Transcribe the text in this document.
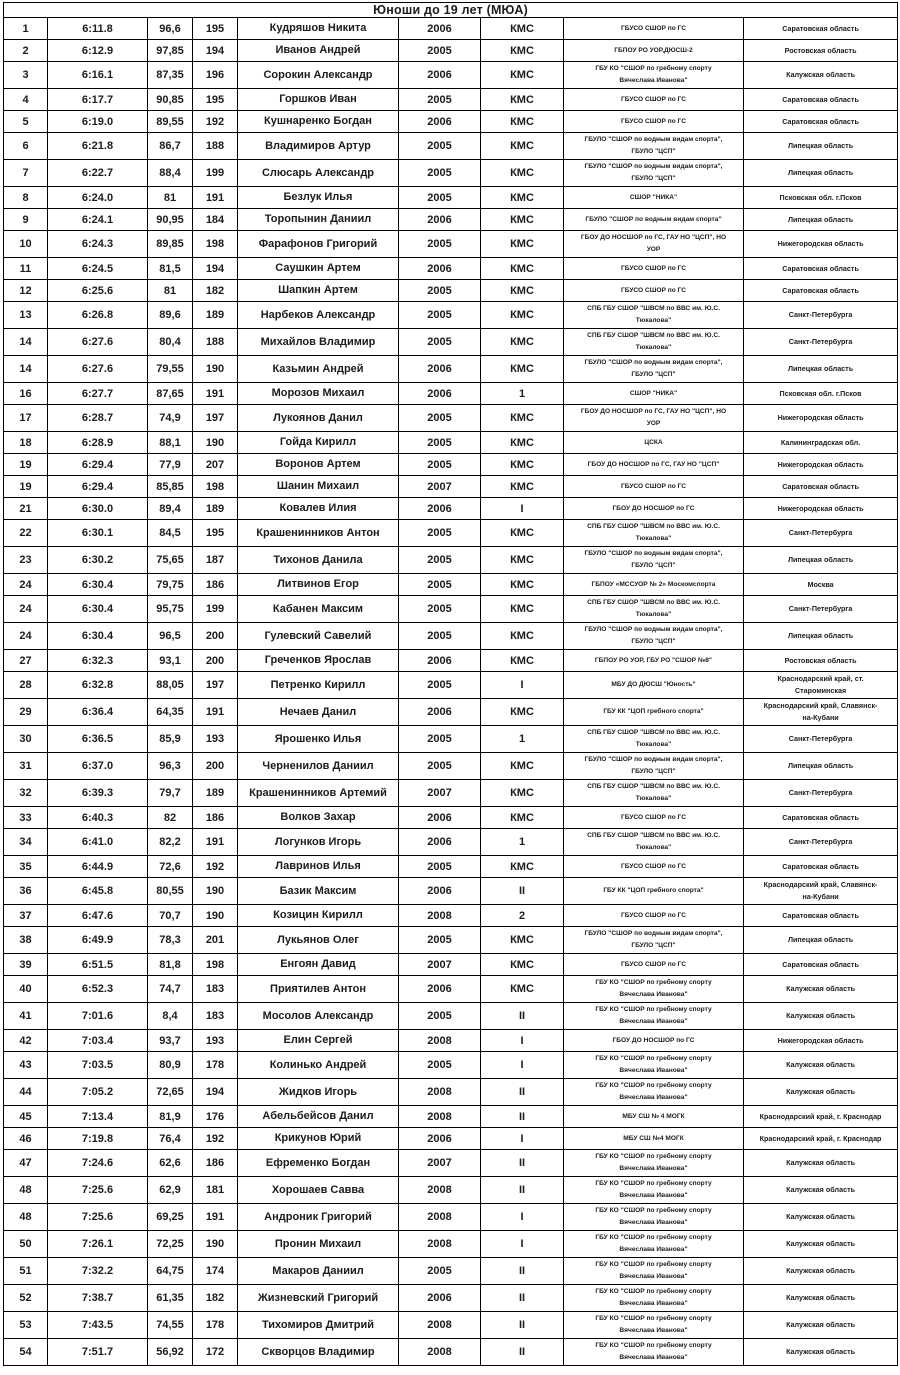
Юноши до 19 лет (МЮА)								
1	6:11.8	96,6	195	Кудряшов Никита	2006	КМС	ГБУСО СШОР по ГС	Саратовская область
2	6:12.9	97,85	194	Иванов Андрей	2005	КМС	ГБПОУ РО УОР,ДЮСШ-2	Ростовская область
3	6:16.1	87,35	196	Сорокин Александр	2006	КМС	ГБУ КО "СШОР по гребному спорту Вячеслава Иванова"	Калужская область
4	6:17.7	90,85	195	Горшков Иван	2005	КМС	ГБУСО СШОР по ГС	Саратовская область
5	6:19.0	89,55	192	Кушнаренко Богдан	2006	КМС	ГБУСО СШОР по ГС	Саратовская область
6	6:21.8	86,7	188	Владимиров Артур	2005	КМС	ГБУЛО "СШОР по водным видам спорта", ГБУЛО "ЦСП"	Липецкая область
7	6:22.7	88,4	199	Слюсарь Александр	2005	КМС	ГБУЛО "СШОР по водным видам спорта", ГБУЛО "ЦСП"	Липецкая область
8	6:24.0	81	191	Безлук Илья	2005	КМС	СШОР "НИКА"	Псковская обл. г.Псков
9	6:24.1	90,95	184	Торопынин Даниил	2006	КМС	ГБУЛО "СШОР по водным видам спорта"	Липецкая область
10	6:24.3	89,85	198	Фарафонов Григорий	2005	КМС	ГБОУ ДО НОСШОР по ГС, ГАУ НО "ЦСП", НО УОР	Нижегородская область
11	6:24.5	81,5	194	Саушкин Артем	2006	КМС	ГБУСО СШОР по ГС	Саратовская область
12	6:25.6	81	182	Шапкин Артем	2005	КМС	ГБУСО СШОР по ГС	Саратовская область
13	6:26.8	89,6	189	Нарбеков Александр	2005	КМС	СПБ ГБУ СШОР "ШВСМ по ВВС им. Ю.С. Тюкалова"	Санкт-Петербурга
14	6:27.6	80,4	188	Михайлов Владимир	2005	КМС	СПБ ГБУ СШОР "ШВСМ по ВВС им. Ю.С. Тюкалова"	Санкт-Петербурга
14	6:27.6	79,55	190	Казьмин Андрей	2006	КМС	ГБУЛО "СШОР по водным видам спорта", ГБУЛО "ЦСП"	Липецкая область
16	6:27.7	87,65	191	Морозов Михаил	2006	1	СШОР "НИКА"	Псковская обл. г.Псков
17	6:28.7	74,9	197	Лукоянов Данил	2005	КМС	ГБОУ ДО НОСШОР по ГС, ГАУ НО "ЦСП", НО УОР	Нижегородская область
18	6:28.9	88,1	190	Гойда Кирилл	2005	КМС	ЦСКА	Калининградская обл.
19	6:29.4	77,9	207	Воронов Артем	2005	КМС	ГБОУ ДО НОСШОР по ГС, ГАУ НО "ЦСП"	Нижегородская область
19	6:29.4	85,85	198	Шанин Михаил	2007	КМС	ГБУСО СШОР по ГС	Саратовская область
21	6:30.0	89,4	189	Ковалев Илия	2006	I	ГБОУ ДО НОСШОР по ГС	Нижегородская область
22	6:30.1	84,5	195	Крашенинников Антон	2005	КМС	СПБ ГБУ СШОР "ШВСМ по ВВС им. Ю.С. Тюкалова"	Санкт-Петербурга
23	6:30.2	75,65	187	Тихонов Данила	2005	КМС	ГБУЛО "СШОР по водным видам спорта", ГБУЛО "ЦСП"	Липецкая область
24	6:30.4	79,75	186	Литвинов Егор	2005	КМС	ГБПОУ «МССУОР № 2» Москомспорта	Москва
24	6:30.4	95,75	199	Кабанен Максим	2005	КМС	СПБ ГБУ СШОР "ШВСМ по ВВС им. Ю.С. Тюкалова"	Санкт-Петербурга
24	6:30.4	96,5	200	Гулевский Савелий	2005	КМС	ГБУЛО "СШОР по водным видам спорта", ГБУЛО "ЦСП"	Липецкая область
27	6:32.3	93,1	200	Греченков Ярослав	2006	КМС	ГБПОУ РО УОР, ГБУ РО "СШОР №8"	Ростовская область
28	6:32.8	88,05	197	Петренко Кирилл	2005	I	МБУ ДО ДЮСШ "Юность"	Краснодарский край, ст. Староминская
29	6:36.4	64,35	191	Нечаев Данил	2006	КМС	ГБУ КК "ЦОП гребного спорта"	Краснодарский край, Славянск-на-Кубани
30	6:36.5	85,9	193	Ярошенко Илья	2005	1	СПБ ГБУ СШОР "ШВСМ по ВВС им. Ю.С. Тюкалова"	Санкт-Петербурга
31	6:37.0	96,3	200	Черненилов Даниил	2005	КМС	ГБУЛО "СШОР по водным видам спорта", ГБУЛО "ЦСП"	Липецкая область
32	6:39.3	79,7	189	Крашенинников Артемий	2007	КМС	СПБ ГБУ СШОР "ШВСМ по ВВС им. Ю.С. Тюкалова"	Санкт-Петербурга
33	6:40.3	82	186	Волков Захар	2006	КМС	ГБУСО СШОР по ГС	Саратовская область
34	6:41.0	82,2	191	Логунков Игорь	2006	1	СПБ ГБУ СШОР "ШВСМ по ВВС им. Ю.С. Тюкалова"	Санкт-Петербурга
35	6:44.9	72,6	192	Лавринов Илья	2005	КМС	ГБУСО СШОР по ГС	Саратовская область
36	6:45.8	80,55	190	Базик Максим	2006	II	ГБУ КК "ЦОП гребного спорта"	Краснодарский край, Славянск-на-Кубани
37	6:47.6	70,7	190	Козицин Кирилл	2008	2	ГБУСО СШОР по ГС	Саратовская область
38	6:49.9	78,3	201	Лукьянов Олег	2005	КМС	ГБУЛО "СШОР по водным видам спорта", ГБУЛО "ЦСП"	Липецкая область
39	6:51.5	81,8	198	Енгоян Давид	2007	КМС	ГБУСО СШОР по ГС	Саратовская область
40	6:52.3	74,7	183	Приятилев Антон	2006	КМС	ГБУ КО "СШОР по гребному спорту Вячеслава Иванова"	Калужская область
41	7:01.6	8,4	183	Мосолов Александр	2005	II	ГБУ КО "СШОР по гребному спорту Вячеслава Иванова"	Калужская область
42	7:03.4	93,7	193	Елин Сергей	2008	I	ГБОУ ДО НОСШОР по ГС	Нижегородская область
43	7:03.5	80,9	178	Колинько Андрей	2005	I	ГБУ КО "СШОР по гребному спорту Вячеслава Иванова"	Калужская область
44	7:05.2	72,65	194	Жидков Игорь	2008	II	ГБУ КО "СШОР по гребному спорту Вячеслава Иванова"	Калужская область
45	7:13.4	81,9	176	Абельбейсов Данил	2008	II	МБУ СШ № 4 МОГК	Краснодарский край, г. Краснодар
46	7:19.8	76,4	192	Крикунов Юрий	2006	I	МБУ СШ №4 МОГК	Краснодарский край, г. Краснодар
47	7:24.6	62,6	186	Ефременко Богдан	2007	II	ГБУ КО "СШОР по гребному спорту Вячеслава Иванова"	Калужская область
48	7:25.6	62,9	181	Хорошаев Савва	2008	II	ГБУ КО "СШОР по гребному спорту Вячеслава Иванова"	Калужская область
48	7:25.6	69,25	191	Андроник Григорий	2008	I	ГБУ КО "СШОР по гребному спорту Вячеслава Иванова"	Калужская область
50	7:26.1	72,25	190	Пронин Михаил	2008	I	ГБУ КО "СШОР по гребному спорту Вячеслава Иванова"	Калужская область
51	7:32.2	64,75	174	Макаров Даниил	2005	II	ГБУ КО "СШОР по гребному спорту Вячеслава Иванова"	Калужская область
52	7:38.7	61,35	182	Жизневский Григорий	2006	II	ГБУ КО "СШОР по гребному спорту Вячеслава Иванова"	Калужская область
53	7:43.5	74,55	178	Тихомиров Дмитрий	2008	II	ГБУ КО "СШОР по гребному спорту Вячеслава Иванова"	Калужская область
54	7:51.7	56,92	172	Скворцов Владимир	2008	II	ГБУ КО "СШОР по гребному спорту Вячеслава Иванова"	Калужская область
